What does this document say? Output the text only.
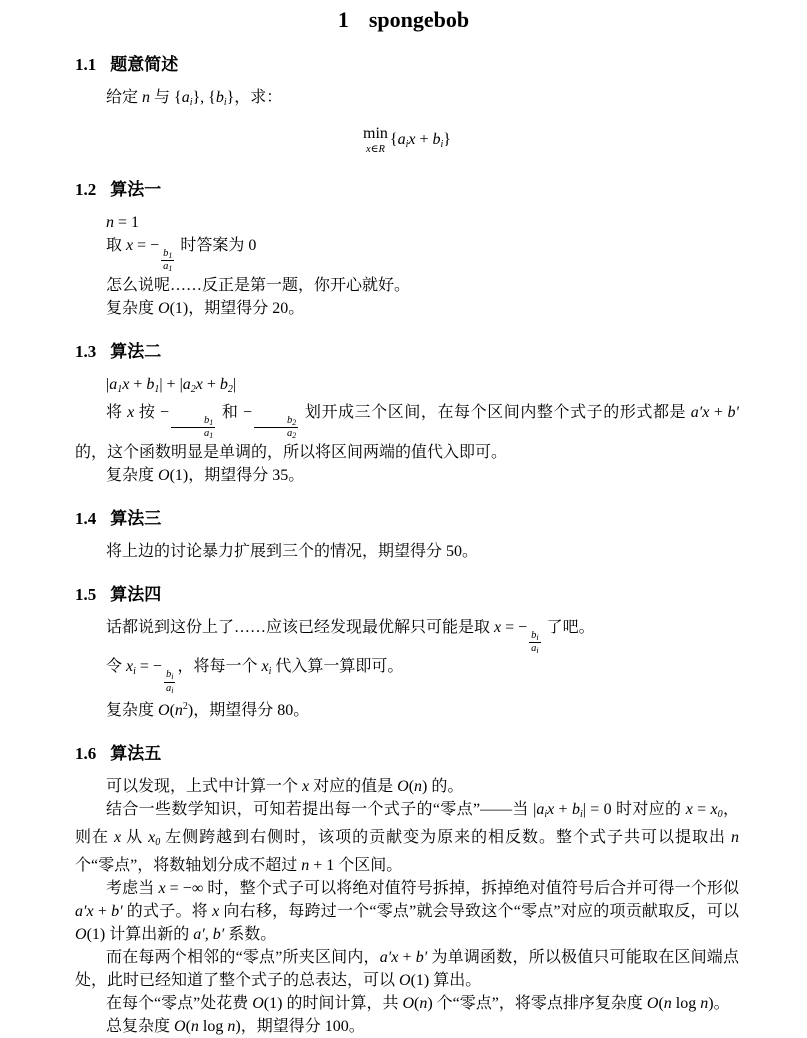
1 spongebob
1.1 题意简述

给定 n 与 {ai}, {bi}，求：

min
x∈R
{aix + bi}

1.2 算法一

n = 1

取 x = −
$\frac{b1}{a1}$
时答案为 0

怎么说呢……反正是第一题，你开心就好。

复杂度 O(1)，期望得分 20。

1.3 算法二

|a1x + b1| + |a2x + b2|

将 x 按 −
$\frac{b1}{a1}$
和 −
$\frac{b2}{a2}$
划开成三个区间，在每个区间内整个式子的形式都是 a′x + b′ 的，这个函数明显是单调的，所以将区间两端的值代入即可。

复杂度 O(1)，期望得分 35。

1.4 算法三

将上边的讨论暴力扩展到三个的情况，期望得分 50。

1.5 算法四

话都说到这份上了……应该已经发现最优解只可能是取 x = −
$\frac{bi}{ai}$
了吧。

令 xi = −
$\frac{bi}{ai}$
，将每一个 xi 代入算一算即可。

复杂度 $O(n^2)$，期望得分 80。

1.6 算法五

可以发现，上式中计算一个 x 对应的值是 O(n) 的。

结合一些数学知识，可知若提出每一个式子的“零点”——当 |aix + bi| = 0 时对应的 x = x0，则在 x 从 x0 左侧跨越到右侧时，该项的贡献变为原来的相反数。整个式子共可以提取出 n 个“零点”，将数轴划分成不超过 n + 1 个区间。

考虑当 x = −∞ 时，整个式子可以将绝对值符号拆掉，拆掉绝对值符号后合并可得一个形似 a′x + b′ 的式子。将 x 向右移，每跨过一个“零点”就会导致这个“零点”对应的项贡献取反，可以 O(1) 计算出新的 a′, b′ 系数。

而在每两个相邻的“零点”所夹区间内，a′x + b′ 为单调函数，所以极值只可能取在区间端点处，此时已经知道了整个式子的总表达，可以 O(1) 算出。

在每个“零点”处花费 O(1) 的时间计算，共 O(n) 个“零点”，将零点排序复杂度 O(n log n)。

总复杂度 O(n log n)，期望得分 100。
